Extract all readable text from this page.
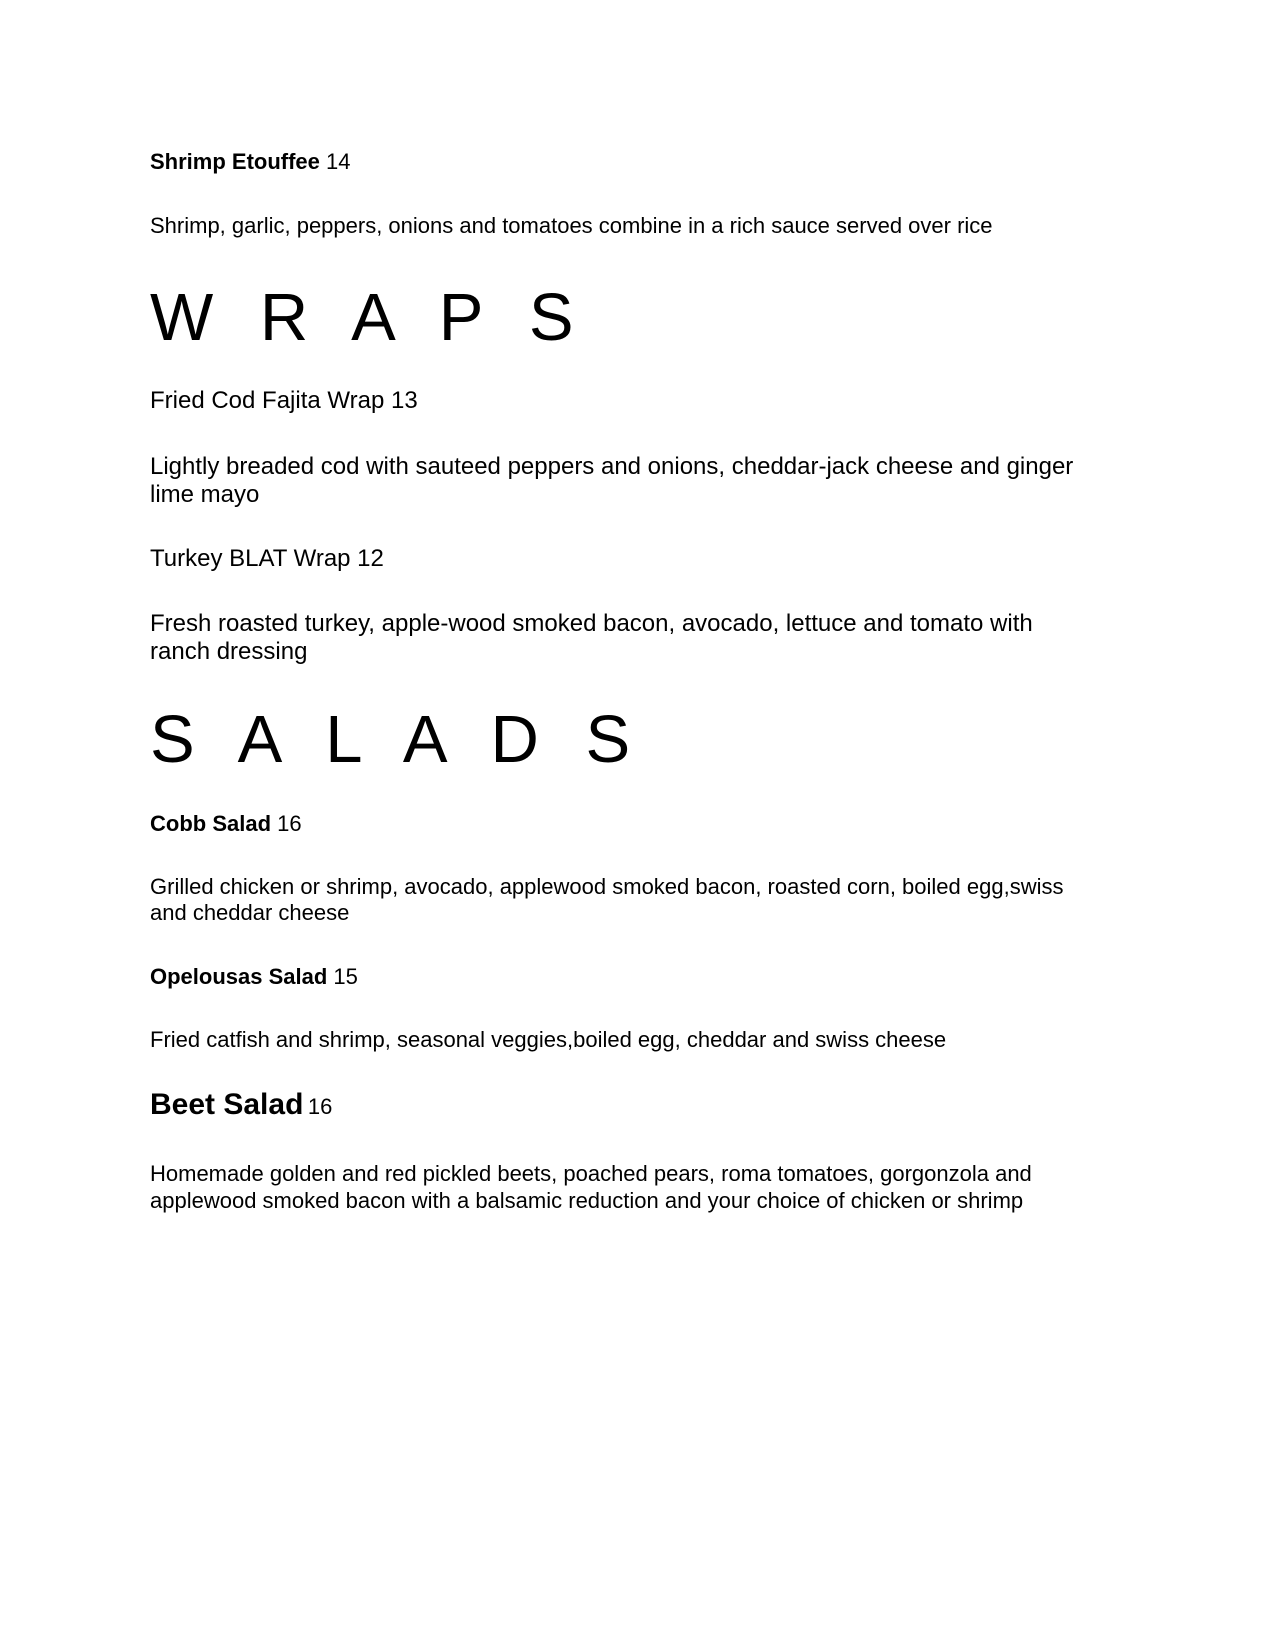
Shrimp Etouffee 14

Shrimp, garlic, peppers, onions and tomatoes combine in a rich sauce served over rice

W R A P S

Fried Cod Fajita Wrap 13

Lightly breaded cod with sauteed peppers and onions, cheddar-jack cheese and ginger

lime mayo

Turkey BLAT Wrap 12

Fresh roasted turkey, apple-wood smoked bacon, avocado, lettuce and tomato with

ranch dressing

S A L A D S

Cobb Salad 16

Grilled chicken or shrimp, avocado, applewood smoked bacon, roasted corn, boiled egg,swiss

and cheddar cheese

Opelousas Salad 15

Fried catfish and shrimp, seasonal veggies,boiled egg, cheddar and swiss cheese

Beet Salad 16

Homemade golden and red pickled beets, poached pears, roma tomatoes, gorgonzola and

applewood smoked bacon with a balsamic reduction and your choice of chicken or shrimp
